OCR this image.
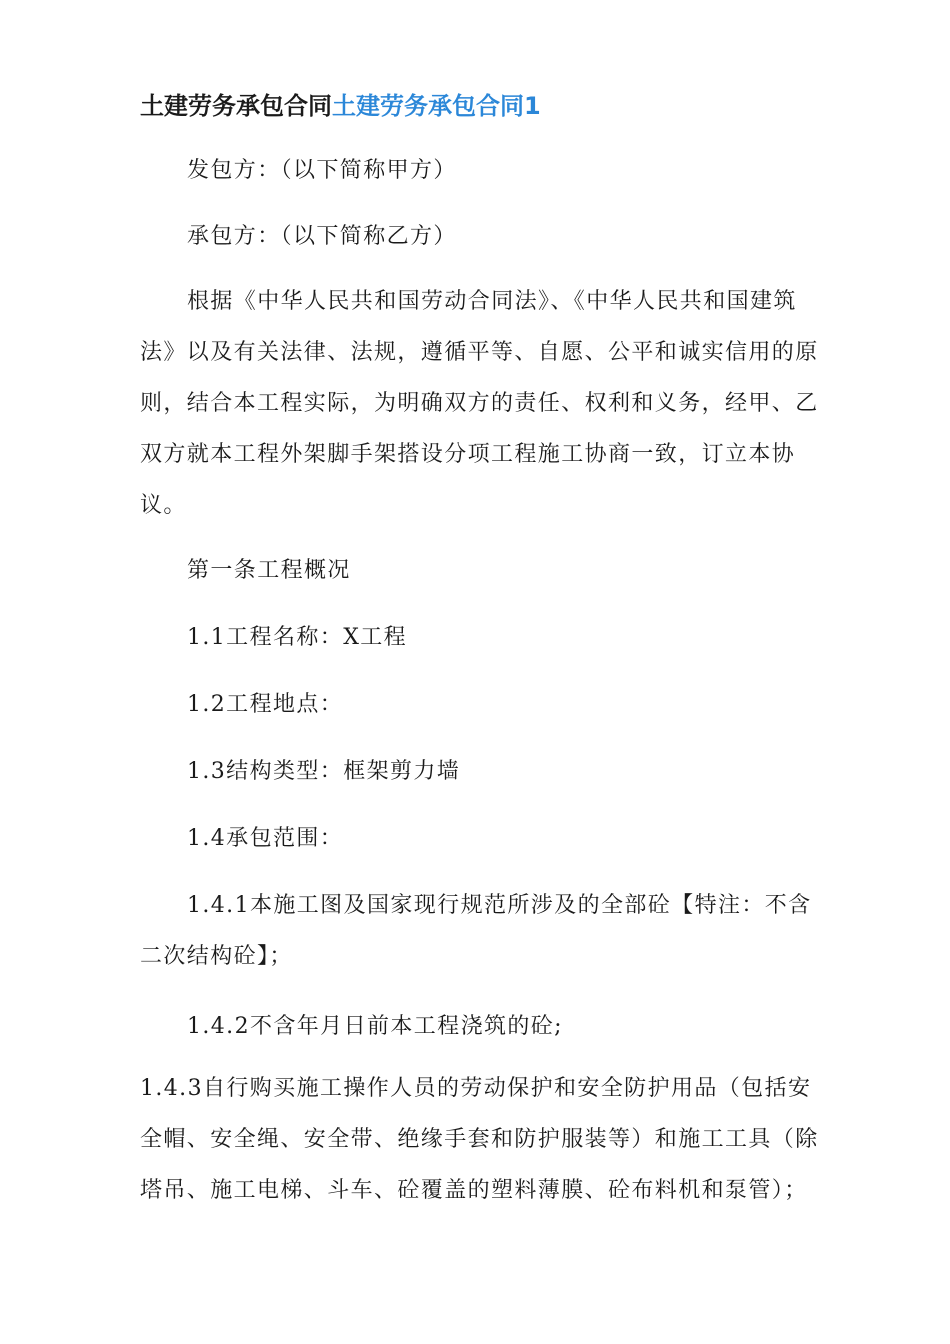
土建劳务承包合同土建劳务承包合同1
发包方：（以下简称甲方）
承包方：（以下简称乙方）
根据《中华人民共和国劳动合同法》、《中华人民共和国建筑法》以及有关法律、法规，遵循平等、自愿、公平和诚实信用的原则，结合本工程实际，为明确双方的责任、权利和义务，经甲、乙双方就本工程外架脚手架搭设分项工程施工协商一致，订立本协议。
第一条工程概况
1.1工程名称：X工程
1.2工程地点：
1.3结构类型：框架剪力墙
1.4承包范围：
1.4.1本施工图及国家现行规范所涉及的全部砼【特注：不含二次结构砼】；
1.4.2不含年月日前本工程浇筑的砼;
1.4.3自行购买施工操作人员的劳动保护和安全防护用品（包括安全帽、安全绳、安全带、绝缘手套和防护服装等）和施工工具（除塔吊、施工电梯、斗车、砼覆盖的塑料薄膜、砼布料机和泵管）；
